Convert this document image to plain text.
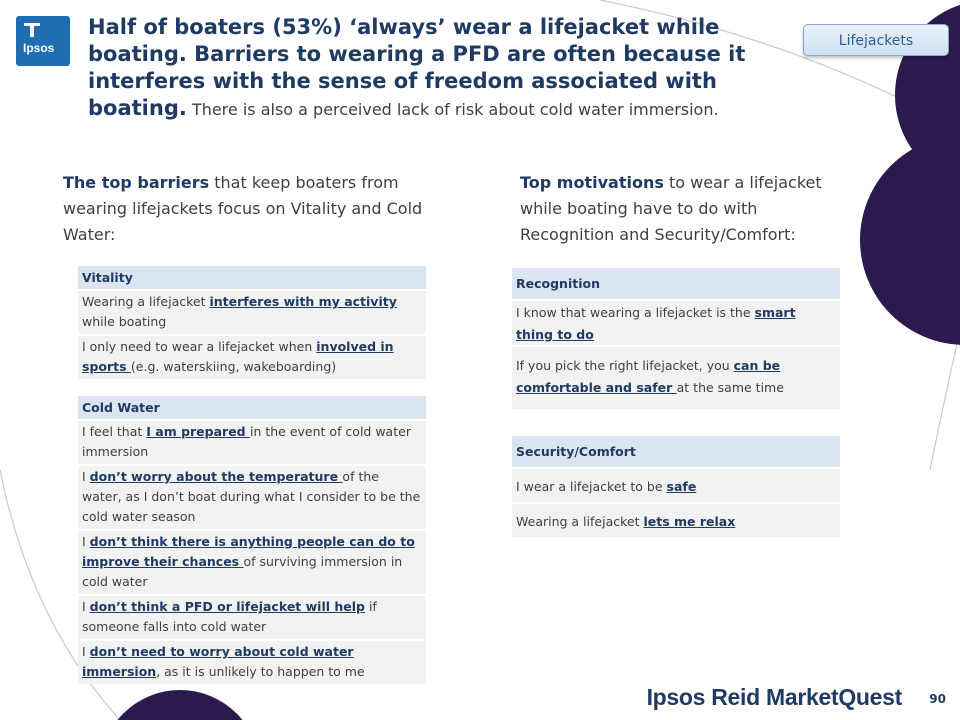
Ipsos
Half of boaters (53%) ‘always’ wear a lifejacket while boating. Barriers to wearing a PFD are often because it interferes with the sense of freedom associated with boating. There is also a perceived lack of risk about cold water immersion.
Lifejackets
The top barriers that keep boaters from wearing lifejackets focus on Vitality and Cold Water:
Top motivations to wear a lifejacket while boating have to do with Recognition and Security/Comfort:
Vitality
Wearing a lifejacket interferes with my activity while boating
I only need to wear a lifejacket when involved in sports (e.g. waterskiing, wakeboarding)
Cold Water
I feel that I am prepared in the event of cold water immersion
I don’t worry about the temperature of the water, as I don’t boat during what I consider to be the cold water season
I don’t think there is anything people can do to improve their chances of surviving immersion in cold water
I don’t think a PFD or lifejacket will help if someone falls into cold water
I don’t need to worry about cold water immersion, as it is unlikely to happen to me
Recognition
I know that wearing a lifejacket is the smart thing to do
If you pick the right lifejacket, you can be comfortable and safer at the same time
Security/Comfort
I wear a lifejacket to be safe
Wearing a lifejacket lets me relax
Ipsos Reid MarketQuest 90
